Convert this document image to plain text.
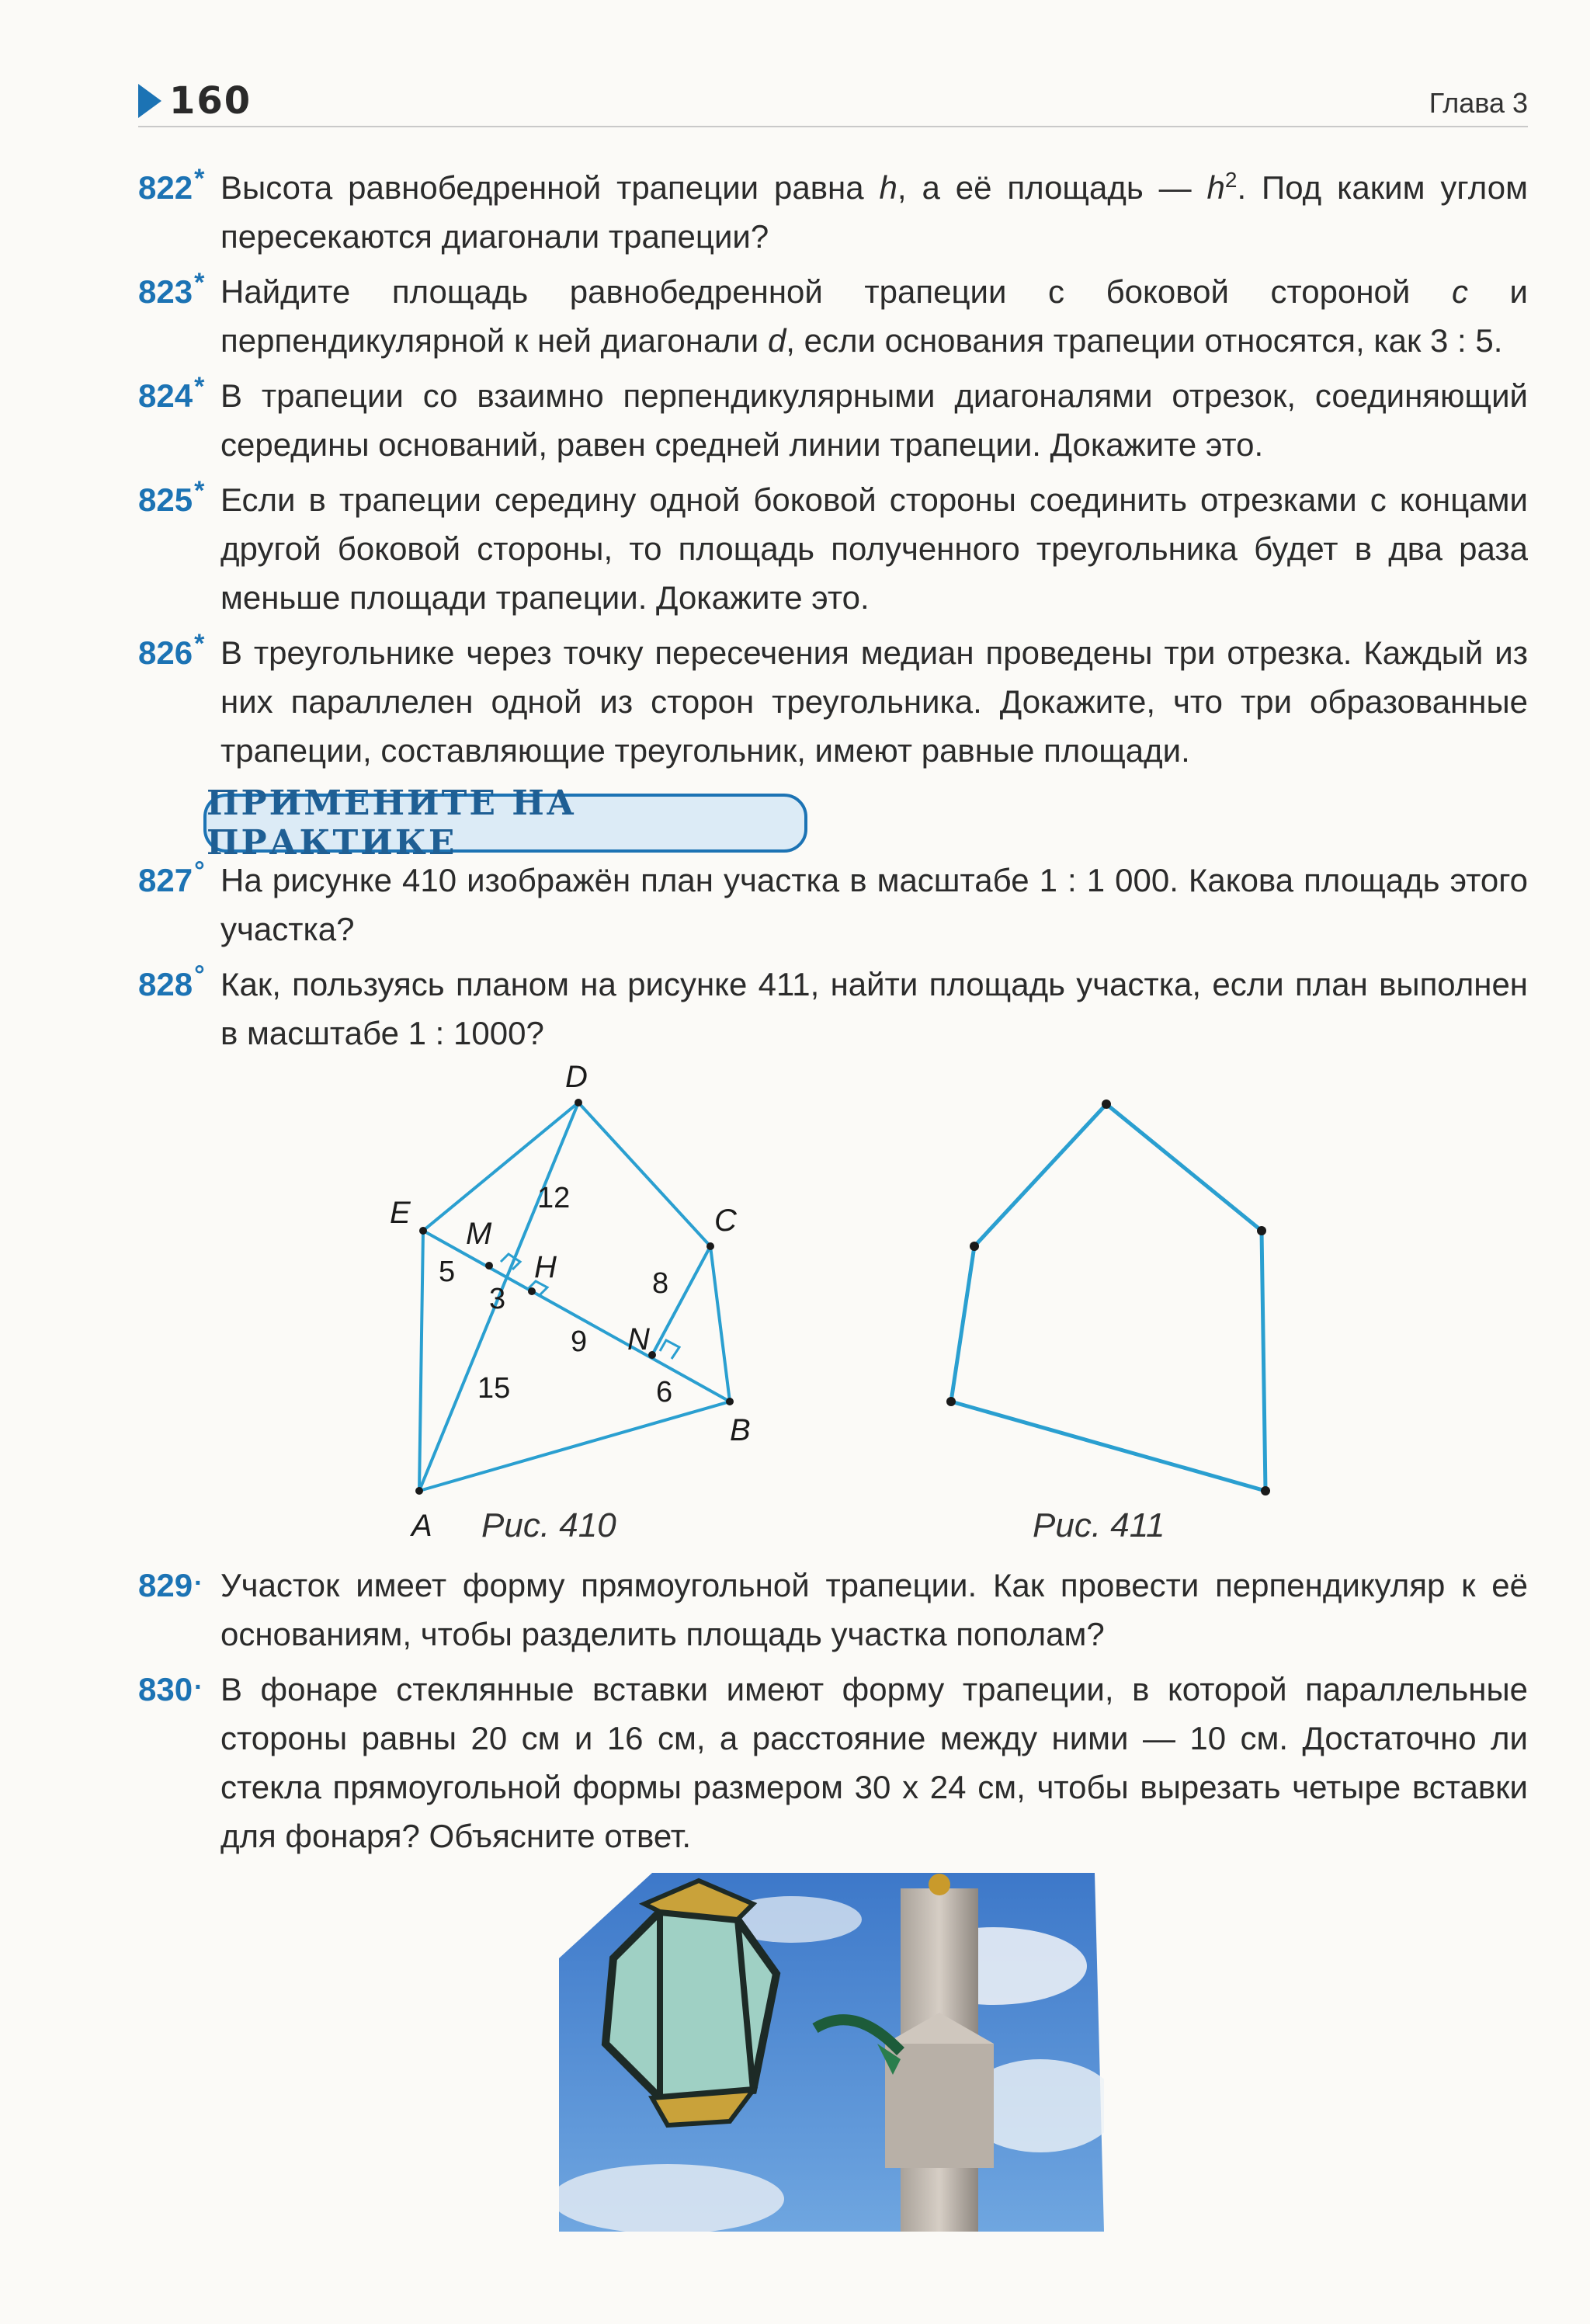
160	Глава 3
822* Высота равнобедренной трапеции равна h, а её площадь — $h^2$. Под каким углом пересекаются диагонали трапеции?
823* Найдите площадь равнобедренной трапеции с боковой стороной c и перпендикулярной к ней диагонали d, если основания трапеции относятся, как 3 : 5.
824* В трапеции со взаимно перпендикулярными диагоналями отрезок, соединяющий середины оснований, равен средней линии трапеции. Докажите это.
825* Если в трапеции середину одной боковой стороны соединить отрезками с концами другой боковой стороны, то площадь полученного треугольника будет в два раза меньше площади трапеции. Докажите это.
826* В треугольнике через точку пересечения медиан проведены три отрезка. Каждый из них параллелен одной из сторон треугольника. Докажите, что три образованные трапеции, составляющие треугольник, имеют равные площади.
ПРИМЕНИТЕ НА ПРАКТИКЕ
827° На рисунке 410 изображён план участка в масштабе 1 : 1 000. Какова площадь этого участка?
828° Как, пользуясь планом на рисунке 411, найти площадь участка, если план выполнен в масштабе 1 : 1000?
D
E	C
M
H
N
B
A
12
5
3	8
9
6
15
Рис. 410	Рис. 411
829. Участок имеет форму прямоугольной трапеции. Как провести перпендикуляр к её основаниям, чтобы разделить площадь участка пополам?
830. В фонаре стеклянные вставки имеют форму трапеции, в которой параллельные стороны равны 20 см и 16 см, а расстояние между ними — 10 см. Достаточно ли стекла прямоугольной формы размером 30 х 24 см, чтобы вырезать четыре вставки для фонаря? Объясните ответ.
